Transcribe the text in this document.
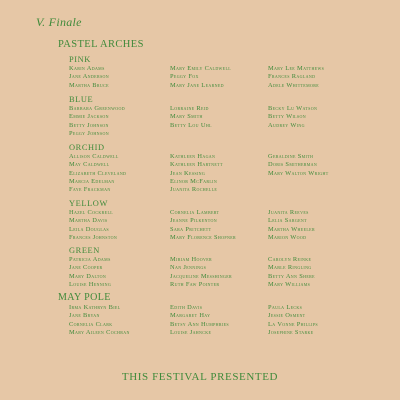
V. Finale
PASTEL ARCHES
PINK
Karin Adams
Jane Anderson
Martha Bruce
Mary Emily Caldwell
Peggy Fox
Mary Jane Learned
Mary Lee Matthews
Frances Ragland
Adele Whittemore
BLUE
Barbara Greenwood
Emmie Jackson
Betty Johnson
Peggy Johnson
Lorraine Reid
Mary Smith
Betty Lou Uhl
Becky Lu Watson
Betty Wilson
Audrey Wing
ORCHID
Allison Caldwell
May Caldwell
Elizabeth Cleveland
Marcia Edelman
Faye Frackman
Kathleen Hagan
Kathleen Hartnett
Jean Kessing
Elinor McFarlin
Juanita Rochelle
Geraldine Smith
Doris Smitherman
Mary Walton Wright
YELLOW
Hazel Cockrell
Martha Davis
Leila Douglas
Frances Johnston
Cornelia Lambert
Jeanne Pilkenton
Sara Pritchett
Mary Florence Shopner
Juanita Reeves
Lelia Sargent
Martha Wheeler
Marion Wood
GREEN
Patricia Adams
Jane Cooper
Mary Dalton
Louise Henning
Miriam Hoover
Nan Jennings
Jacqueline Messhinger
Ruth Faw Pointer
Carolyn Reinke
Mable Ringling
Betty Ann Shere
Mary Williams
MAY POLE
Irma Kathryn Biel
Jane Bryan
Cornelia Clark
Mary Aileen Cochran
Edith Davis
Margaret Hay
Betsy Ann Humphries
Louise Jahncke
Paula Lecks
Jessie Osment
La Vonne Phillips
Josephine Starke
THIS FESTIVAL PRESENTED
